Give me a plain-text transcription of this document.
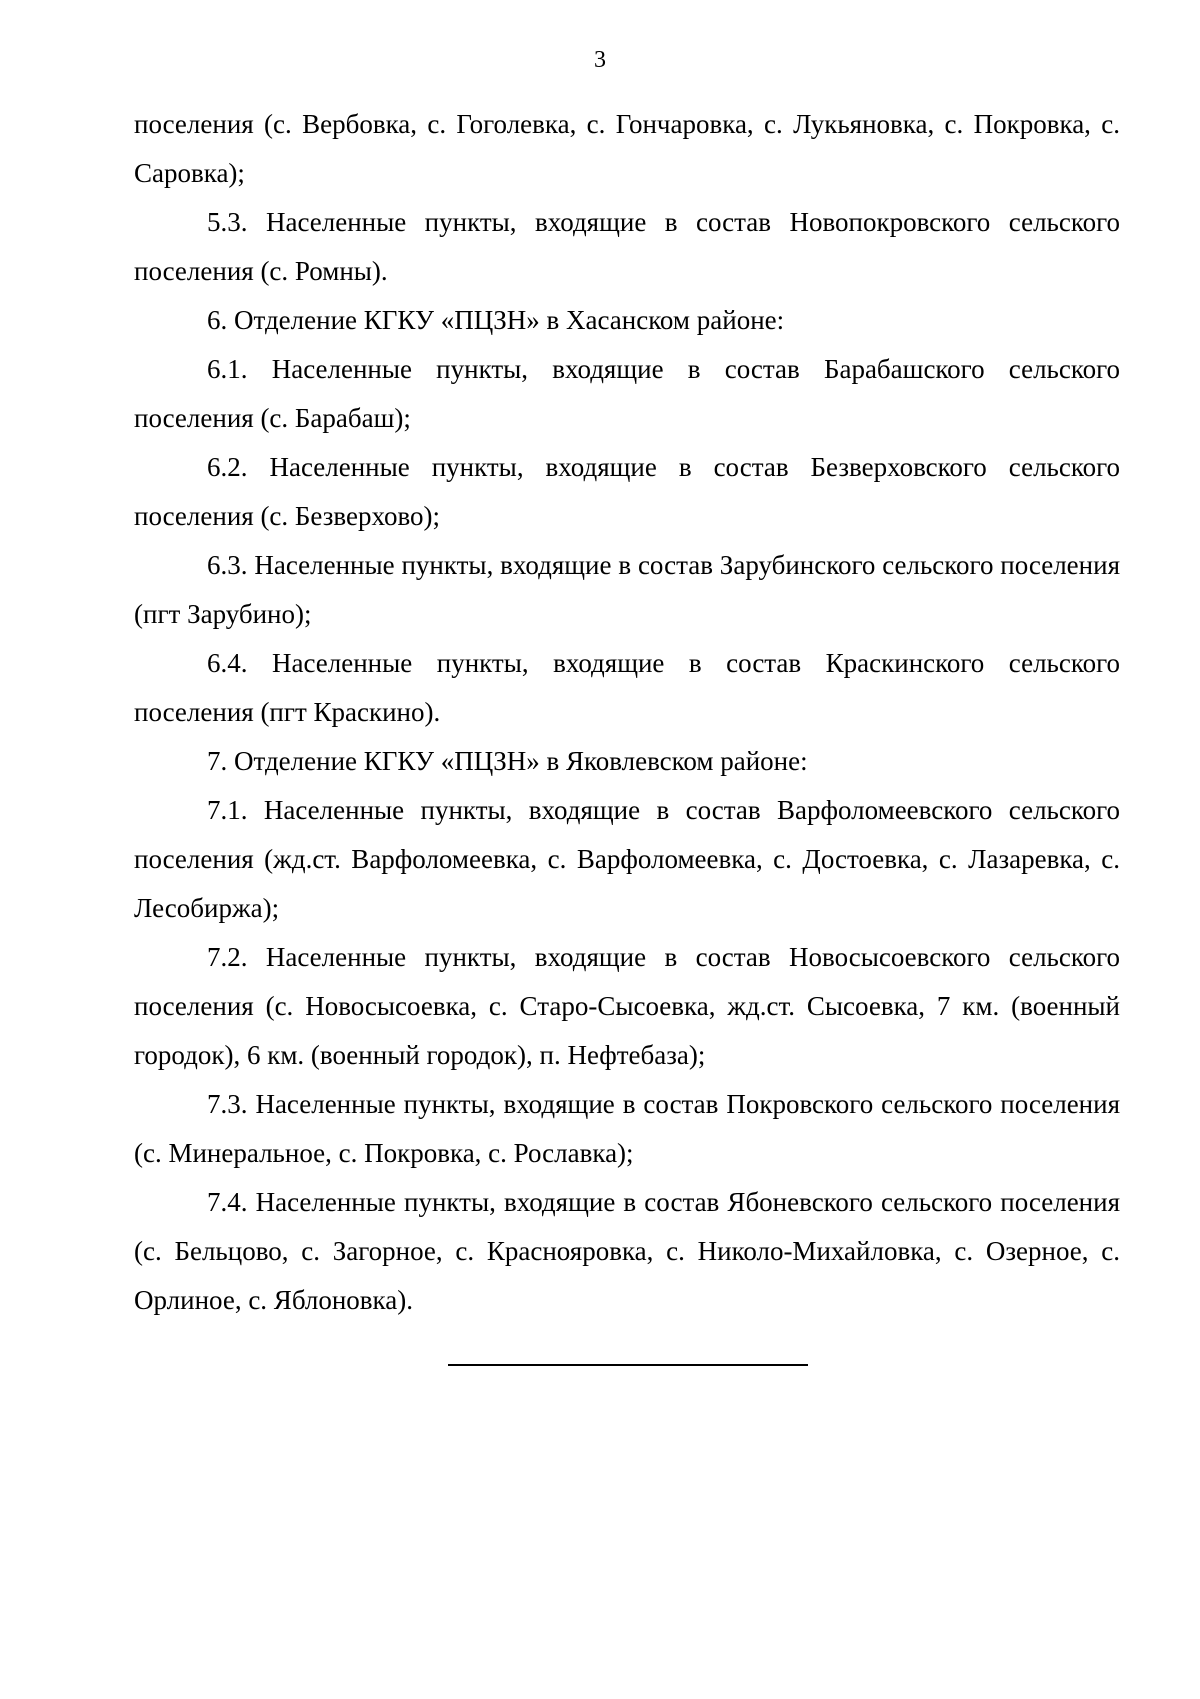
3

поселения (с. Вербовка, с. Гоголевка, с. Гончаровка, с. Лукьяновка, с. Покровка, с. Саровка);

5.3. Населенные пункты, входящие в состав Новопокровского сельского поселения (с. Ромны).

6. Отделение КГКУ «ПЦЗН» в Хасанском районе:

6.1. Населенные пункты, входящие в состав Барабашского сельского поселения (с. Барабаш);

6.2. Населенные пункты, входящие в состав Безверховского сельского поселения (с. Безверхово);

6.3. Населенные пункты, входящие в состав Зарубинского сельского поселения (пгт Зарубино);

6.4. Населенные пункты, входящие в состав Краскинского сельского поселения (пгт Краскино).

7. Отделение КГКУ «ПЦЗН» в Яковлевском районе:

7.1. Населенные пункты, входящие в состав Варфоломеевского сельского поселения (жд.ст. Варфоломеевка, с. Варфоломеевка, с. Достоевка, с. Лазаревка, с. Лесобиржа);

7.2. Населенные пункты, входящие в состав Новосысоевского сельского поселения (с. Новосысоевка, с. Старо-Сысоевка, жд.ст. Сысоевка, 7 км. (военный городок), 6 км. (военный городок), п. Нефтебаза);

7.3. Населенные пункты, входящие в состав Покровского сельского поселения (с. Минеральное, с. Покровка, с. Рославка);

7.4. Населенные пункты, входящие в состав Ябоневского сельского поселения (с. Бельцово, с. Загорное, с. Краснояровка, с. Николо-Михайловка, с. Озерное, с. Орлиное, с. Яблоновка).
